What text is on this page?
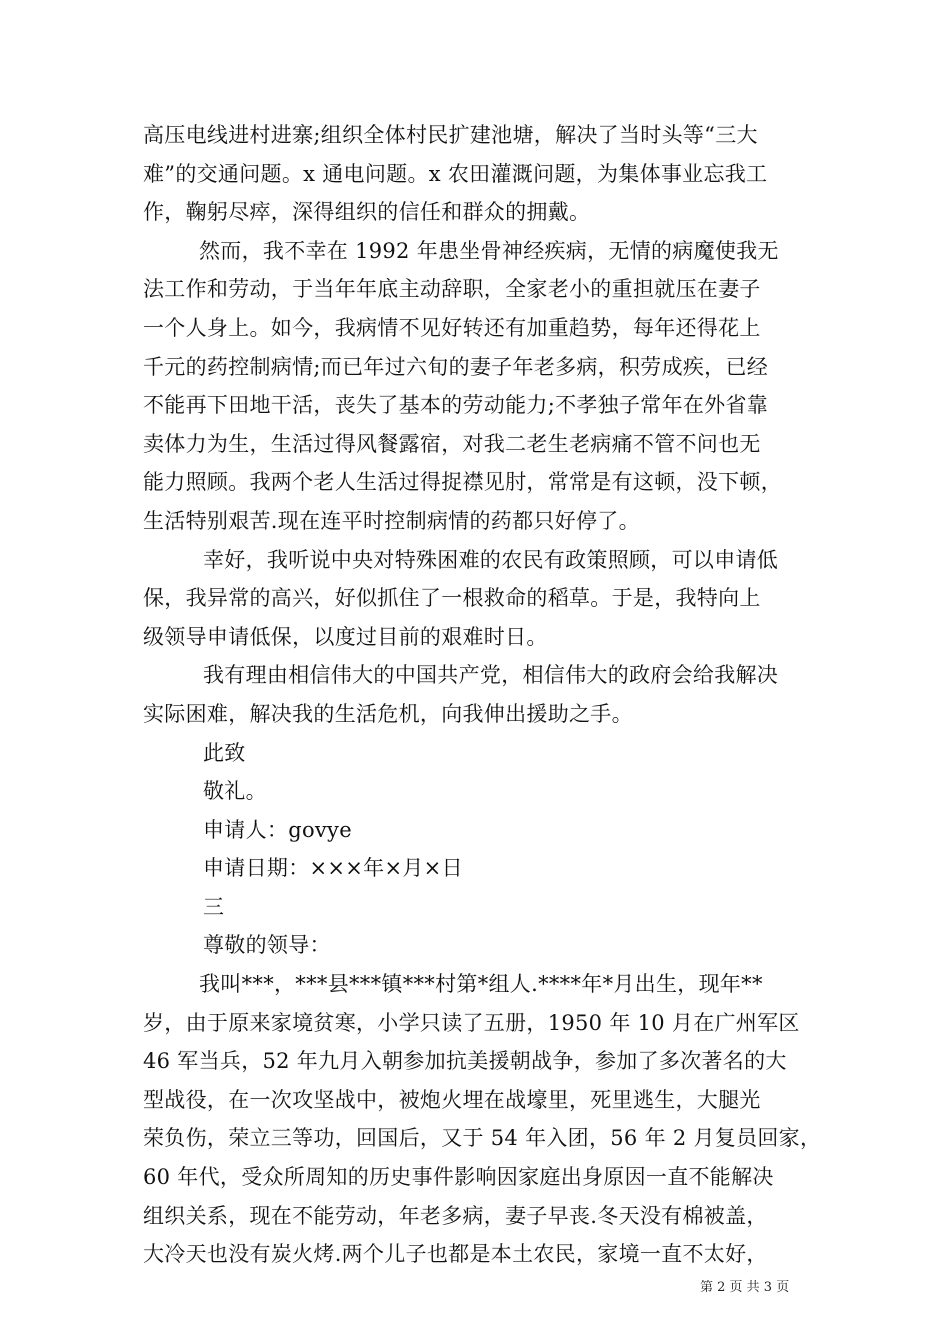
高压电线进村进寨;组织全体村民扩建池塘，解决了当时头等“三大
难”的交通问题。x 通电问题。x 农田灌溉问题，为集体事业忘我工
作，鞠躬尽瘁，深得组织的信任和群众的拥戴。
然而，我不幸在 1992 年患坐骨神经疾病，无情的病魔使我无
法工作和劳动，于当年年底主动辞职，全家老小的重担就压在妻子
一个人身上。如今，我病情不见好转还有加重趋势，每年还得花上
千元的药控制病情;而已年过六旬的妻子年老多病，积劳成疾，已经
不能再下田地干活，丧失了基本的劳动能力;不孝独子常年在外省靠
卖体力为生，生活过得风餐露宿，对我二老生老病痛不管不问也无
能力照顾。我两个老人生活过得捉襟见肘，常常是有这顿，没下顿，
生活特别艰苦.现在连平时控制病情的药都只好停了。
幸好，我听说中央对特殊困难的农民有政策照顾，可以申请低
保，我异常的高兴，好似抓住了一根救命的稻草。于是，我特向上
级领导申请低保，以度过目前的艰难时日。
我有理由相信伟大的中国共产党，相信伟大的政府会给我解决
实际困难，解决我的生活危机，向我伸出援助之手。
此致
敬礼。
申请人：govye
申请日期：×××年×月×日
三
尊敬的领导：
我叫***，***县***镇***村第*组人.****年*月出生，现年**
岁，由于原来家境贫寒，小学只读了五册，1950 年 10 月在广州军区
46 军当兵，52 年九月入朝参加抗美援朝战争，参加了多次著名的大
型战役，在一次攻坚战中，被炮火埋在战壕里，死里逃生，大腿光
荣负伤，荣立三等功，回国后，又于 54 年入团，56 年 2 月复员回家，
60 年代，受众所周知的历史事件影响因家庭出身原因一直不能解决
组织关系，现在不能劳动，年老多病，妻子早丧.冬天没有棉被盖，
大冷天也没有炭火烤.两个儿子也都是本土农民，家境一直不太好，
第 2 页 共 3 页
